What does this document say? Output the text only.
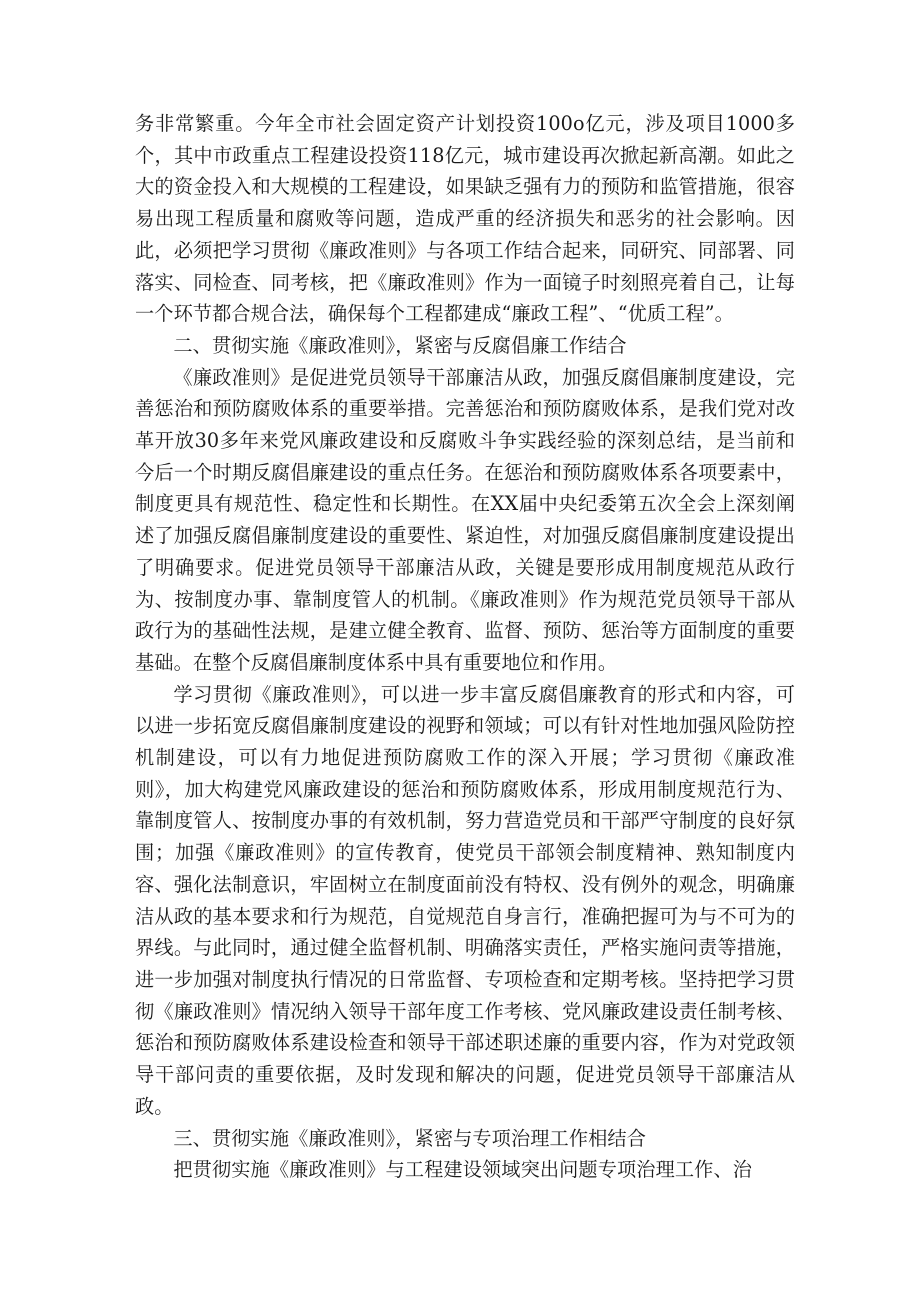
务非常繁重。今年全市社会固定资产计划投资100o亿元，涉及项目1000多个，其中市政重点工程建设投资118亿元，城市建设再次掀起新高潮。如此之大的资金投入和大规模的工程建设，如果缺乏强有力的预防和监管措施，很容易出现工程质量和腐败等问题，造成严重的经济损失和恶劣的社会影响。因此，必须把学习贯彻《廉政准则》与各项工作结合起来，同研究、同部署、同落实、同检查、同考核，把《廉政准则》作为一面镜子时刻照亮着自己，让每一个环节都合规合法，确保每个工程都建成“廉政工程”、“优质工程”。

二、贯彻实施《廉政准则》，紧密与反腐倡廉工作结合

《廉政准则》是促进党员领导干部廉洁从政，加强反腐倡廉制度建设，完善惩治和预防腐败体系的重要举措。完善惩治和预防腐败体系，是我们党对改革开放30多年来党风廉政建设和反腐败斗争实践经验的深刻总结，是当前和今后一个时期反腐倡廉建设的重点任务。在惩治和预防腐败体系各项要素中，制度更具有规范性、稳定性和长期性。在XX届中央纪委第五次全会上深刻阐述了加强反腐倡廉制度建设的重要性、紧迫性，对加强反腐倡廉制度建设提出了明确要求。促进党员领导干部廉洁从政，关键是要形成用制度规范从政行为、按制度办事、靠制度管人的机制。《廉政准则》作为规范党员领导干部从政行为的基础性法规，是建立健全教育、监督、预防、惩治等方面制度的重要基础。在整个反腐倡廉制度体系中具有重要地位和作用。

学习贯彻《廉政准则》，可以进一步丰富反腐倡廉教育的形式和内容，可以进一步拓宽反腐倡廉制度建设的视野和领域；可以有针对性地加强风险防控机制建设，可以有力地促进预防腐败工作的深入开展；学习贯彻《廉政准则》，加大构建党风廉政建设的惩治和预防腐败体系，形成用制度规范行为、靠制度管人、按制度办事的有效机制，努力营造党员和干部严守制度的良好氛围；加强《廉政准则》的宣传教育，使党员干部领会制度精神、熟知制度内容、强化法制意识，牢固树立在制度面前没有特权、没有例外的观念，明确廉洁从政的基本要求和行为规范，自觉规范自身言行，准确把握可为与不可为的界线。与此同时，通过健全监督机制、明确落实责任，严格实施问责等措施，进一步加强对制度执行情况的日常监督、专项检查和定期考核。坚持把学习贯彻《廉政准则》情况纳入领导干部年度工作考核、党风廉政建设责任制考核、惩治和预防腐败体系建设检查和领导干部述职述廉的重要内容，作为对党政领导干部问责的重要依据，及时发现和解决的问题，促进党员领导干部廉洁从政。

三、贯彻实施《廉政准则》，紧密与专项治理工作相结合

把贯彻实施《廉政准则》与工程建设领域突出问题专项治理工作、治
